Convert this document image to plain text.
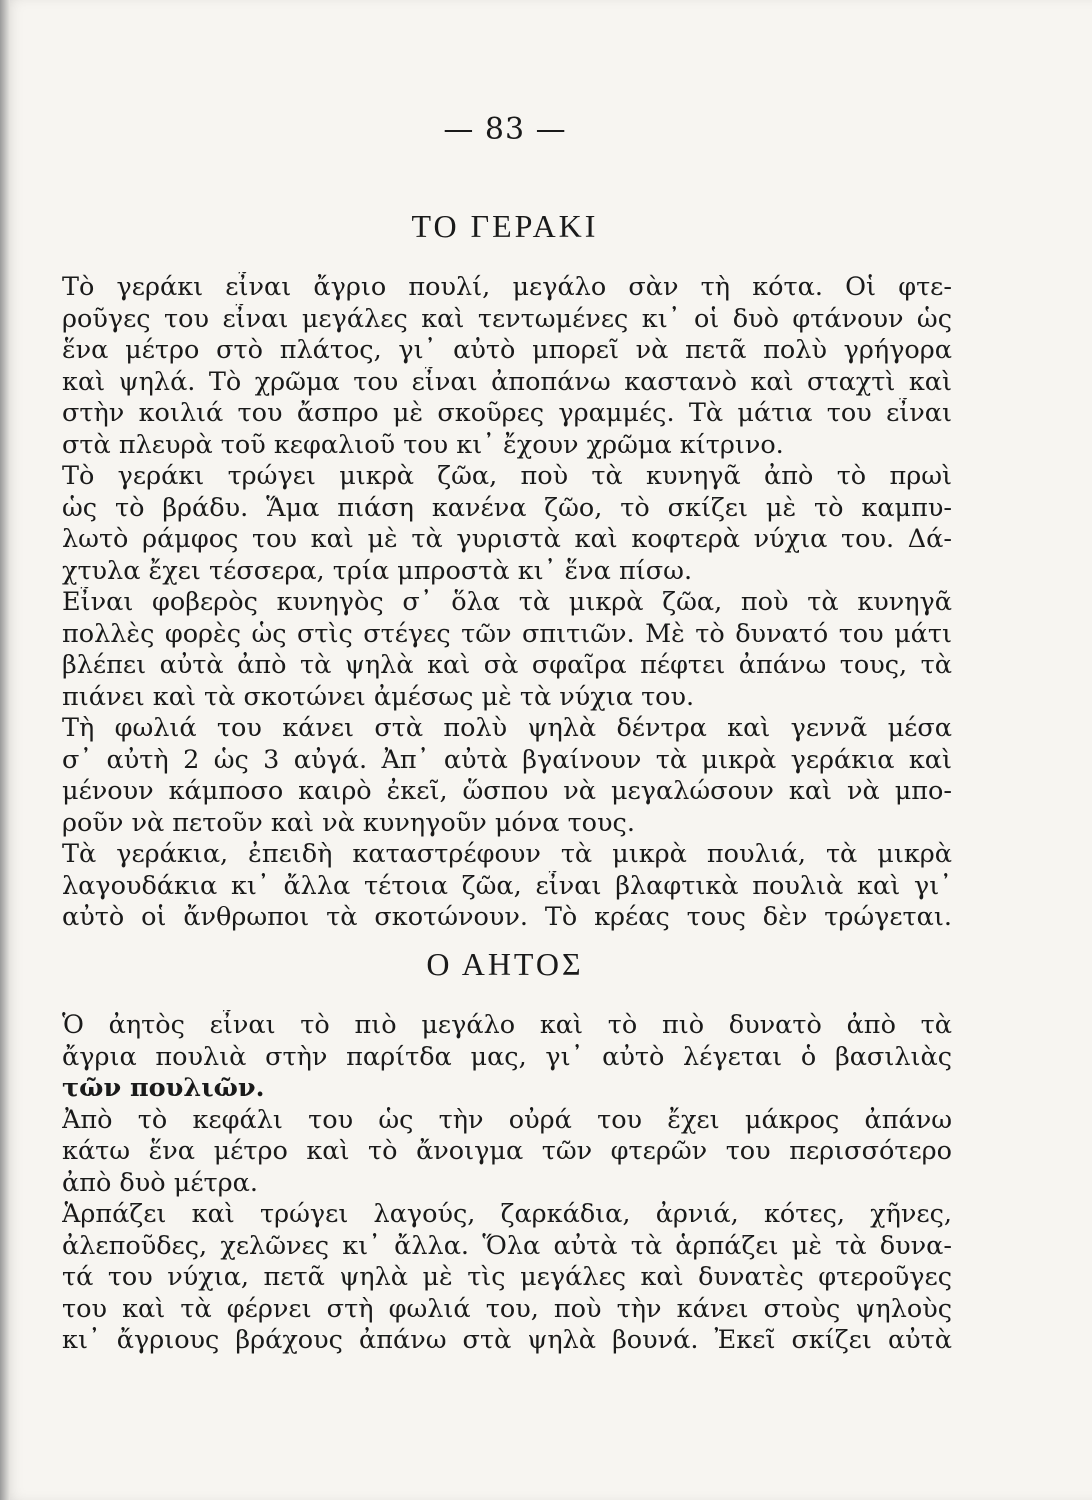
— 83 —
ΤΟ ΓΕΡΑΚΙ
Τὸ γεράκι εἶναι ἄγριο πουλί, μεγάλο σὰν τὴ κότα. Οἱ φτε-
ροῦγες του εἶναι μεγάλες καὶ τεντωμένες κι᾿ οἱ δυὸ φτάνουν ὡς
ἕνα μέτρο στὸ πλάτος, γι᾿ αὐτὸ μπορεῖ νὰ πετᾶ πολὺ γρήγορα
καὶ ψηλά. Τὸ χρῶμα του εἶναι ἀποπάνω καστανὸ καὶ σταχτὶ καὶ
στὴν κοιλιά του ἄσπρο μὲ σκοῦρες γραμμές. Τὰ μάτια του εἶναι
στὰ πλευρὰ τοῦ κεφαλιοῦ του κι᾿ ἔχουν χρῶμα κίτρινο.
Τὸ γεράκι τρώγει μικρὰ ζῶα, ποὺ τὰ κυνηγᾶ ἀπὸ τὸ πρωὶ
ὡς τὸ βράδυ. Ἅμα πιάση κανένα ζῶο, τὸ σκίζει μὲ τὸ καμπυ-
λωτὸ ράμφος του καὶ μὲ τὰ γυριστὰ καὶ κοφτερὰ νύχια του. Δά-
χτυλα ἔχει τέσσερα, τρία μπροστὰ κι᾿ ἕνα πίσω.
Εἶναι φοβερὸς κυνηγὸς σ᾿ ὅλα τὰ μικρὰ ζῶα, ποὺ τὰ κυνηγᾶ
πολλὲς φορὲς ὡς στὶς στέγες τῶν σπιτιῶν. Μὲ τὸ δυνατό του μάτι
βλέπει αὐτὰ ἀπὸ τὰ ψηλὰ καὶ σὰ σφαῖρα πέφτει ἀπάνω τους, τὰ
πιάνει καὶ τὰ σκοτώνει ἀμέσως μὲ τὰ νύχια του.
Τὴ φωλιά του κάνει στὰ πολὺ ψηλὰ δέντρα καὶ γεννᾶ μέσα
σ᾿ αὐτὴ 2 ὡς 3 αὐγά. Ἀπ᾿ αὐτὰ βγαίνουν τὰ μικρὰ γεράκια καὶ
μένουν κάμποσο καιρὸ ἐκεῖ, ὥσπου νὰ μεγαλώσουν καὶ νὰ μπο-
ροῦν νὰ πετοῦν καὶ νὰ κυνηγοῦν μόνα τους.
Τὰ γεράκια, ἐπειδὴ καταστρέφουν τὰ μικρὰ πουλιά, τὰ μικρὰ
λαγουδάκια κι᾿ ἄλλα τέτοια ζῶα, εἶναι βλαφτικὰ πουλιὰ καὶ γι᾿
αὐτὸ οἱ ἄνθρωποι τὰ σκοτώνουν. Τὸ κρέας τους δὲν τρώγεται.
Ο ΑΗΤΟΣ
Ὁ ἀητὸς εἶναι τὸ πιὸ μεγάλο καὶ τὸ πιὸ δυνατὸ ἀπὸ τὰ
ἄγρια πουλιὰ στὴν παρίτδα μας, γι᾿ αὐτὸ λέγεται ὁ βασιλιὰς
τῶν πουλιῶν.
Ἀπὸ τὸ κεφάλι του ὡς τὴν οὐρά του ἔχει μάκρος ἀπάνω
κάτω ἕνα μέτρο καὶ τὸ ἄνοιγμα τῶν φτερῶν του περισσότερο
ἀπὸ δυὸ μέτρα.
Ἁρπάζει καὶ τρώγει λαγούς, ζαρκάδια, ἀρνιά, κότες, χῆνες,
ἀλεποῦδες, χελῶνες κι᾿ ἄλλα. Ὅλα αὐτὰ τὰ ἁρπάζει μὲ τὰ δυνα-
τά του νύχια, πετᾶ ψηλὰ μὲ τὶς μεγάλες καὶ δυνατὲς φτεροῦγες
του καὶ τὰ φέρνει στὴ φωλιά του, ποὺ τὴν κάνει στοὺς ψηλοὺς
κι᾿ ἄγριους βράχους ἀπάνω στὰ ψηλὰ βουνά. Ἐκεῖ σκίζει αὐτὰ
